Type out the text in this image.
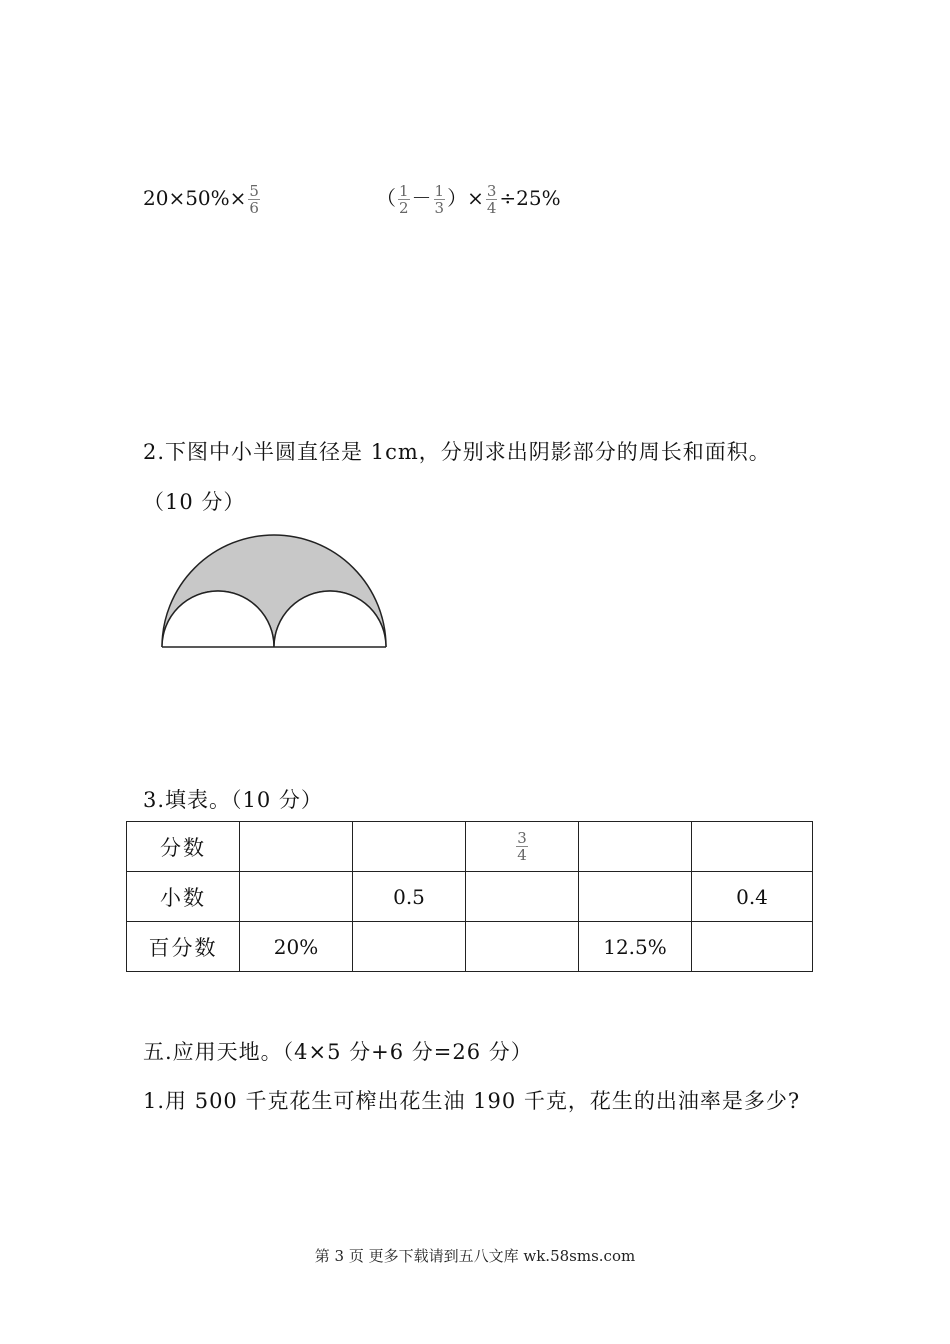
$20\times 50\%\times \frac{5}{6}$	（ $\frac{1}{2} - \frac{1}{3}$ ）× $\frac{3}{4} \div 25\%$
2.下图中小半圆直径是 1cm，分别求出阴影部分的周长和面积。
（10 分）
3.填表。（10 分）
分数			$\frac{3}{4}$

小数		0.5			0.4
百分数	20%			12.5%	
五.应用天地。（4×5 分+6 分=26 分）
1.用 500 千克花生可榨出花生油 190 千克，花生的出油率是多少?
第 3 页 更多下载请到五八文库 wk.58sms.com
